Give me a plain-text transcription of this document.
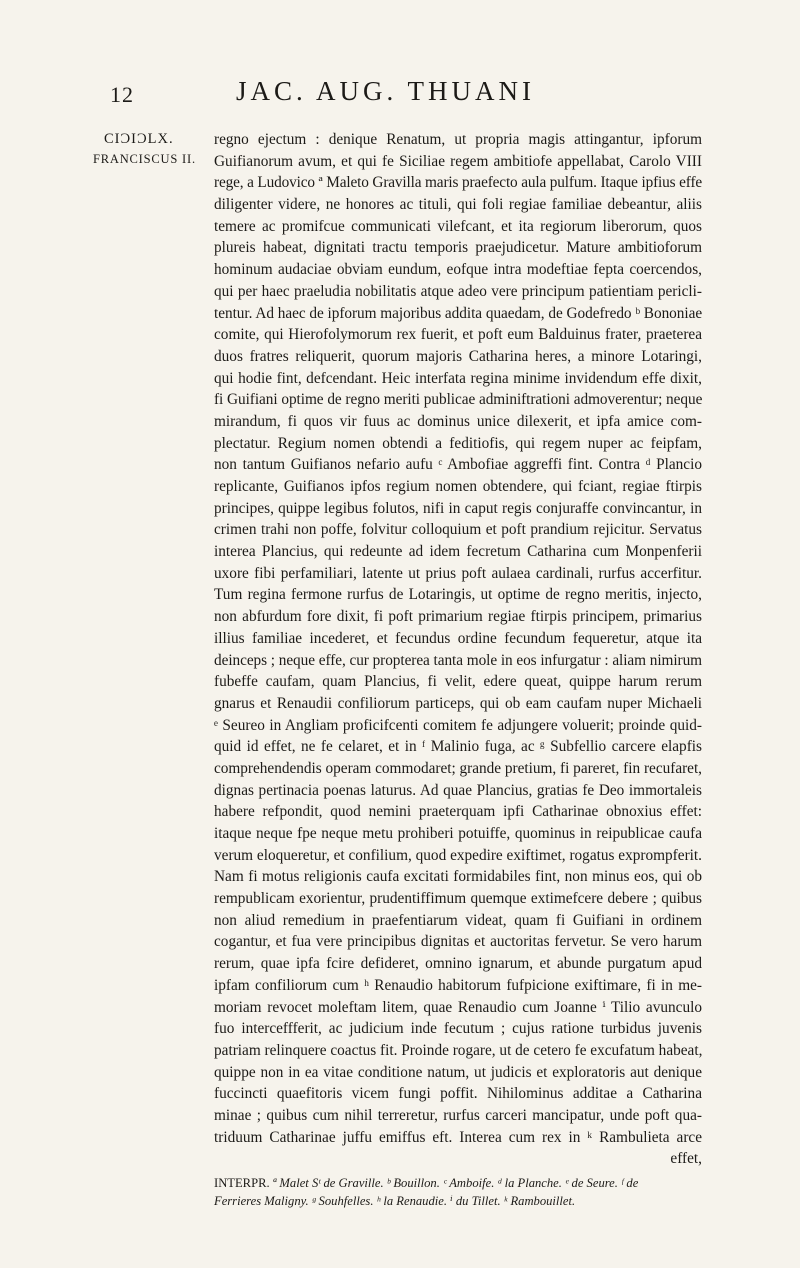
12	JAC. AUG. THUANI
CIƆIƆLX.
FRANCISCUS II.
regno ejectum : denique Renatum, ut propria magis attingantur, ipforum
Guifianorum avum, et qui fe Siciliae regem ambitiofe appellabat, Carolo VIII
rege, a Ludovico ª Maleto Gravilla maris praefecto aula pulfum. Itaque ipfius effe
diligenter videre, ne honores ac tituli, qui foli regiae familiae debeantur, aliis
temere ac promifcue communicati vilefcant, et ita regiorum liberorum, quos
plureis habeat, dignitati tractu temporis praejudicetur. Mature ambitioforum
hominum audaciae obviam eundum, eofque intra modeftiae fepta coercendos,
qui per haec praeludia nobilitatis atque adeo vere principum patientiam pericli-
tentur. Ad haec de ipforum majoribus addita quaedam, de Godefredo ᵇ Bononiae
comite, qui Hierofolymorum rex fuerit, et poft eum Balduinus frater, praeterea
duos fratres reliquerit, quorum majoris Catharina heres, a minore Lotaringi,
qui hodie fint, defcendant. Heic interfata regina minime invidendum effe dixit,
fi Guifiani optime de regno meriti publicae adminiftrationi admoverentur; neque
mirandum, fi quos vir fuus ac dominus unice dilexerit, et ipfa amice com-
plectatur. Regium nomen obtendi a feditiofis, qui regem nuper ac feipfam,
non tantum Guifianos nefario aufu ᶜ Ambofiae aggreffi fint. Contra ᵈ Plancio
replicante, Guifianos ipfos regium nomen obtendere, qui fciant, regiae ftirpis
principes, quippe legibus folutos, nifi in caput regis conjuraffe convincantur, in
crimen trahi non poffe, folvitur colloquium et poft prandium rejicitur. Servatus
interea Plancius, qui redeunte ad idem fecretum Catharina cum Monpenferii
uxore fibi perfamiliari, latente ut prius poft aulaea cardinali, rurfus accerfitur.
Tum regina fermone rurfus de Lotaringis, ut optime de regno meritis, injecto,
non abfurdum fore dixit, fi poft primarium regiae ftirpis principem, primarius
illius familiae incederet, et fecundus ordine fecundum fequeretur, atque ita
deinceps ; neque effe, cur propterea tanta mole in eos infurgatur : aliam nimirum
fubeffe caufam, quam Plancius, fi velit, edere queat, quippe harum rerum
gnarus et Renaudii confiliorum particeps, qui ob eam caufam nuper Michaeli
ᵉ Seureo in Angliam proficifcenti comitem fe adjungere voluerit; proinde quid-
quid id effet, ne fe celaret, et in ᶠ Malinio fuga, ac ᵍ Subfellio carcere elapfis
comprehendendis operam commodaret; grande pretium, fi pareret, fin recufaret,
dignas pertinacia poenas laturus. Ad quae Plancius, gratias fe Deo immortaleis
habere refpondit, quod nemini praeterquam ipfi Catharinae obnoxius effet:
itaque neque fpe neque metu prohiberi potuiffe, quominus in reipublicae caufa
verum eloqueretur, et confilium, quod expedire exiftimet, rogatus exprompferit.
Nam fi motus religionis caufa excitati formidabiles fint, non minus eos, qui ob
rempublicam exorientur, prudentiffimum quemque extimefcere debere ; quibus
non aliud remedium in praefentiarum videat, quam fi Guifiani in ordinem
cogantur, et fua vere principibus dignitas et auctoritas fervetur. Se vero harum
rerum, quae ipfa fcire defideret, omnino ignarum, et abunde purgatum apud
ipfam confiliorum cum ʰ Renaudio habitorum fufpicione exiftimare, fi in me-
moriam revocet moleftam litem, quae Renaudio cum Joanne ⁱ Tilio avunculo
fuo interceffferit, ac judicium inde fecutum ; cujus ratione turbidus juvenis
patriam relinquere coactus fit. Proinde rogare, ut de cetero fe excufatum habeat,
quippe non in ea vitae conditione natum, ut judicis et exploratoris aut denique
fuccincti quaefitoris vicem fungi poffit. Nihilominus additae a Catharina
minae ; quibus cum nihil terreretur, rurfus carceri mancipatur, unde poft qua-
triduum Catharinae juffu emiffus eft. Interea cum rex in ᵏ Rambulieta arce
effet,
INTERPR. ª Malet Sᵗ de Graville. ᵇ Bouillon. ᶜ Amboife. ᵈ la Planche. ᵉ de Seure. ᶠ de
Ferrieres Maligny. ᵍ Souhfelles. ʰ la Renaudie. ⁱ du Tillet. ᵏ Rambouillet.
